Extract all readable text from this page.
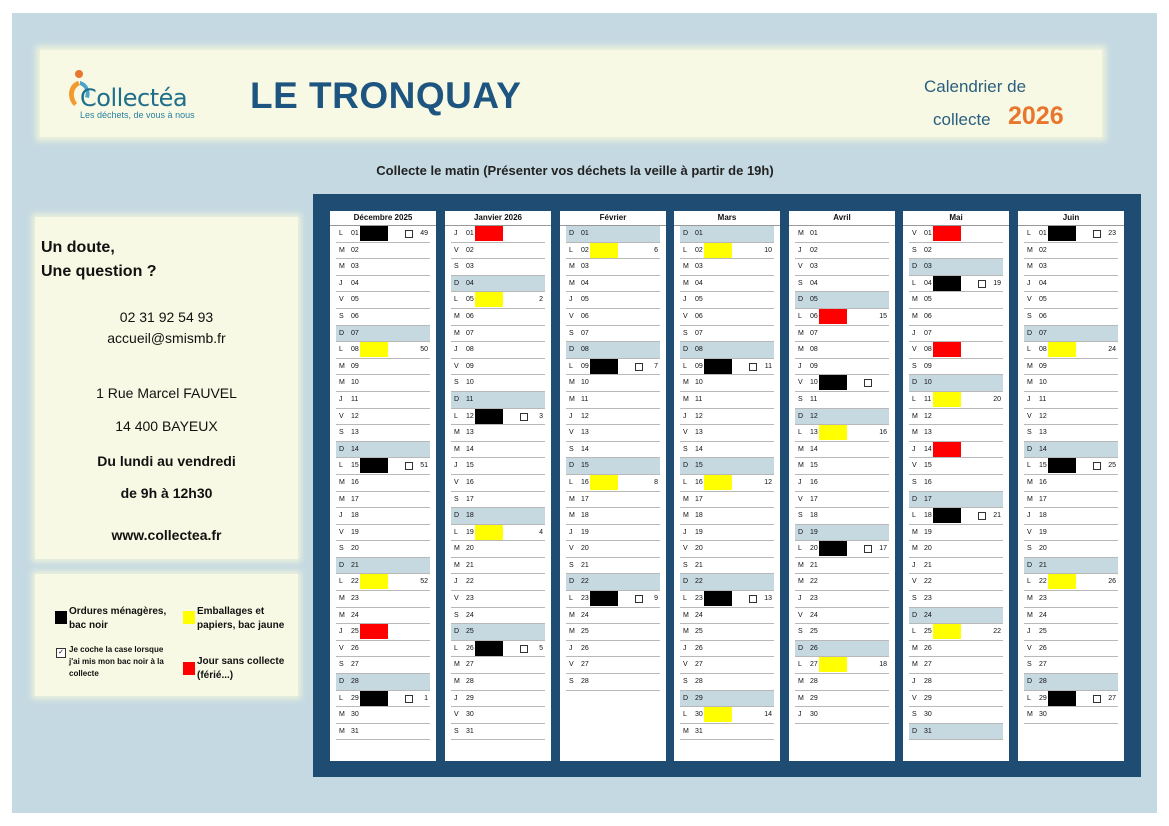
Collectéa
Les déchets, de vous à nous LE TRONQUAY	Calendrier de
collecte 2026
Collecte le matin (Présenter vos déchets la veille à partir de 19h)
Un doute,
Une question ?
02 31 92 54 93
accueil@smismb.fr
1 Rue Marcel FAUVEL
14 400 BAYEUX
Du lundi au vendredi
de 9h à 12h30
www.collectea.fr
Ordures ménagères,
bac noir
Emballages et
papiers, bac jaune
✓ Je coche la case lorsque
j'ai mis mon bac noir à la
collecte
Jour sans collecte
(férié...)
Décembre 2025
L 01	49
M 02
M 03
J 04
V 05
S 06
D 07
L 08	50
M 09
M 10
J 11
V 12
S 13
D 14
L 15	51
M 16
M 17
J 18
V 19
S 20
D 21
L 22	52
M 23
M 24
J 25
V 26
S 27
D 28
L 29	1
M 30
M 31
Janvier 2026
J 01
V 02
S 03
D 04
L 05	2
M 06
M 07
J 08
V 09
S 10
D 11
L 12	3
M 13
M 14
J 15
V 16
S 17
D 18
L 19	4
M 20
M 21
J 22
V 23
S 24
D 25
L 26	5
M 27
M 28
J 29
V 30
S 31
Février
D 01
L 02	6
M 03
M 04
J 05
V 06
S 07
D 08
L 09	7
M 10
M 11
J 12
V 13
S 14
D 15
L 16	8
M 17
M 18
J 19
V 20
S 21
D 22
L 23	9
M 24
M 25
J 26
V 27
S 28
Mars
D 01
L 02	10
M 03
M 04
J 05
V 06
S 07
D 08
L 09	11
M 10
M 11
J 12
V 13
S 14
D 15
L 16	12
M 17
M 18
J 19
V 20
S 21
D 22
L 23	13
M 24
M 25
J 26
V 27
S 28
D 29
L 30	14
M 31
Avril
M 01
J 02
V 03
S 04
D 05
L 06	15
M 07
M 08
J 09
V 10
S 11
D 12
L 13	16
M 14
M 15
J 16
V 17
S 18
D 19
L 20	17
M 21
M 22
J 23
V 24
S 25
D 26
L 27	18
M 28
M 29
J 30
Mai
V 01
S 02
D 03
L 04	19
M 05
M 06
J 07
V 08
S 09
D 10
L 11	20
M 12
M 13
J 14
V 15
S 16
D 17
L 18	21
M 19
M 20
J 21
V 22
S 23
D 24
L 25	22
M 26
M 27
J 28
V 29
S 30
D 31
Juin
L 01	23
M 02
M 03
J 04
V 05
S 06
D 07
L 08	24
M 09
M 10
J 11
V 12
S 13
D 14
L 15	25
M 16
M 17
J 18
V 19
S 20
D 21
L 22	26
M 23
M 24
J 25
V 26
S 27
D 28
L 29	27
M 30
